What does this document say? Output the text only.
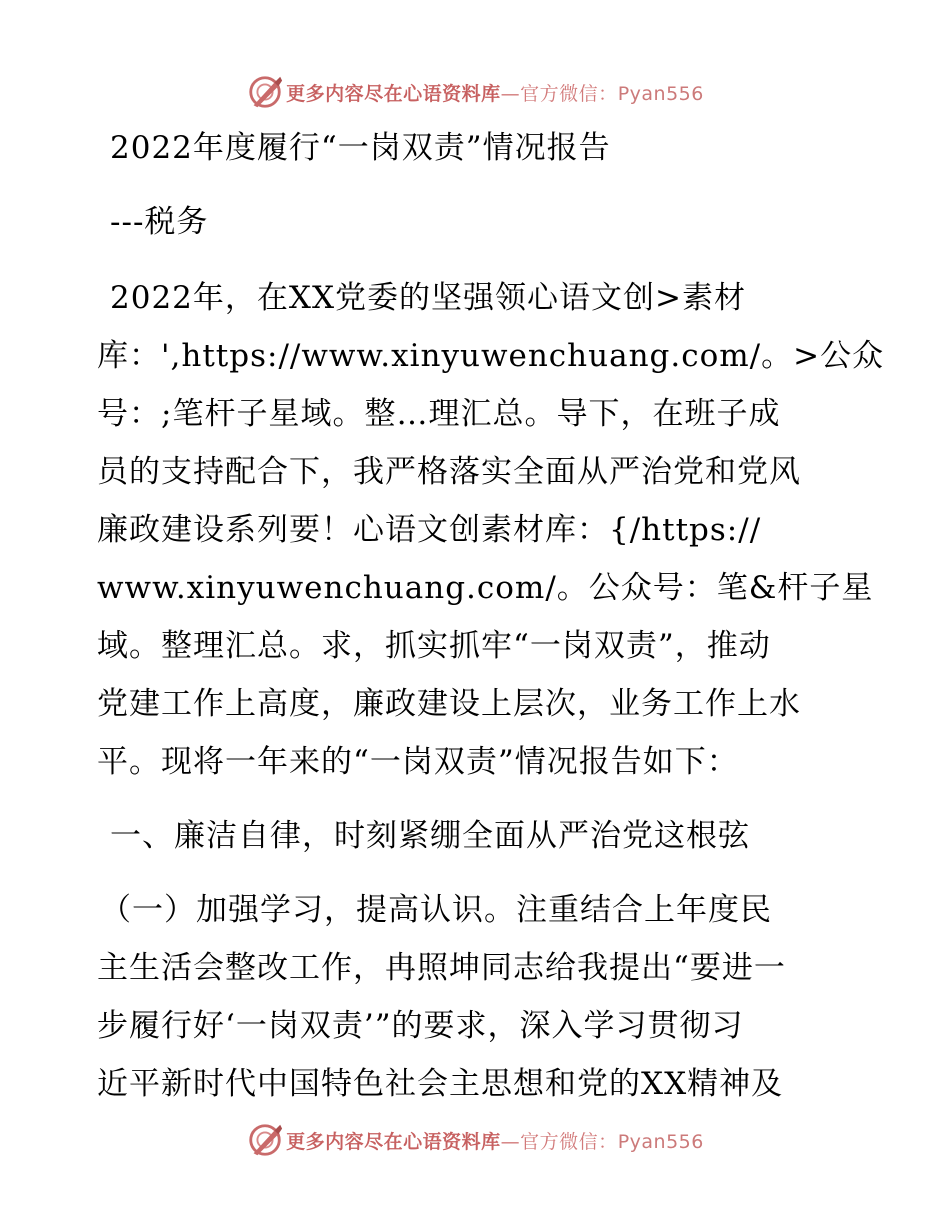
更多内容尽在心语资料库—官方微信：Pyan556
2022年度履行“一岗双责”情况报告
---税务
2022年，在XX党委的坚强领心语文创>素材
库：',https://www.xinyuwenchuang.com/。>公众
号：;笔杆子星域。整…理汇总。导下，在班子成
员的支持配合下，我严格落实全面从严治党和党风
廉政建设系列要！心语文创素材库：{/https://
www.xinyuwenchuang.com/。公众号：笔&杆子星
域。整理汇总。求，抓实抓牢“一岗双责”，推动
党建工作上高度，廉政建设上层次，业务工作上水
平。现将一年来的“一岗双责”情况报告如下：
一、廉洁自律，时刻紧绷全面从严治党这根弦
（一）加强学习，提高认识。注重结合上年度民
主生活会整改工作，冉照坤同志给我提出“要进一
步履行好‘一岗双责’”的要求，深入学习贯彻习
近平新时代中国特色社会主思想和党的XX精神及
更多内容尽在心语资料库—官方微信：Pyan556
